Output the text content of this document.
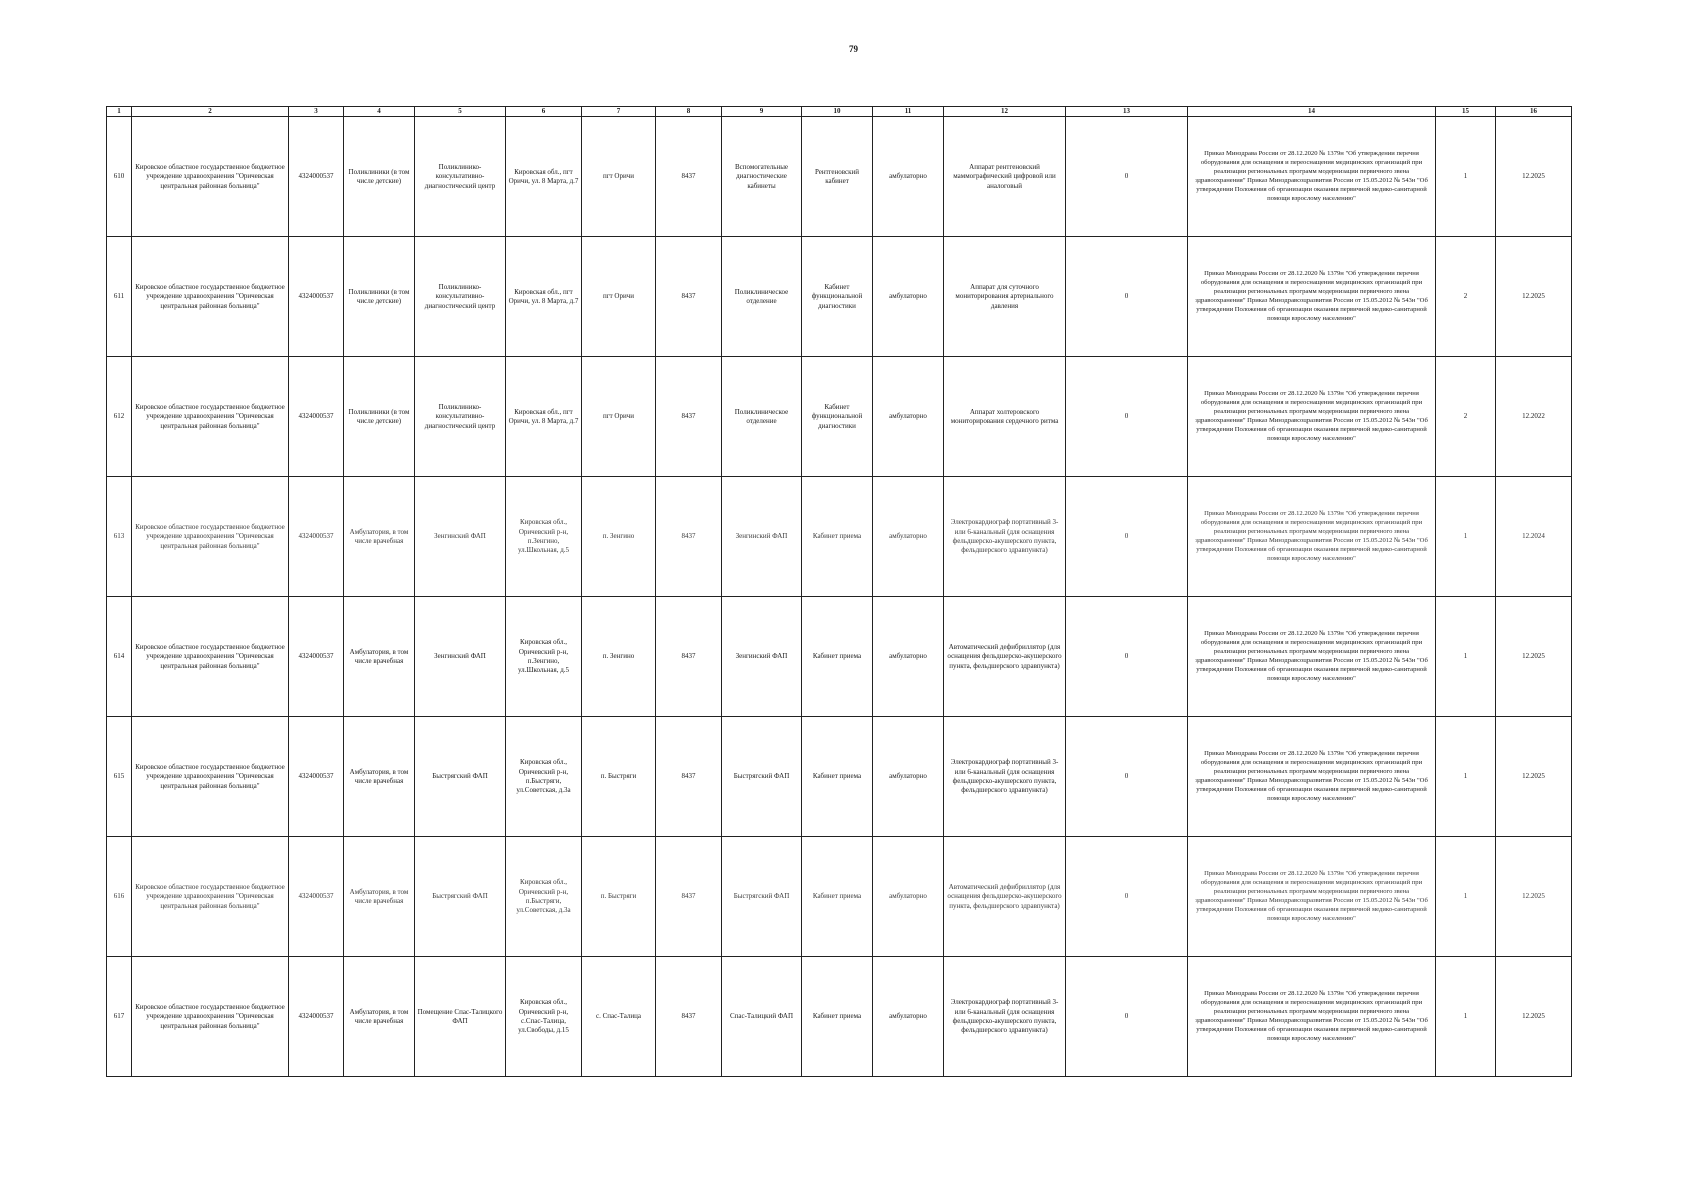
79
1	2	3	4	5	6	7	8	9	10	11	12	13	14	15	16
610	Кировское областное государственное бюджетное учреждение здравоохранения "Оричевская центральная районная больница"	4324000537	Поликлиники (в том числе детские)	Поликлинико-консультативно-диагностический центр	Кировская обл., пгт Оричи, ул. 8 Марта, д.7	пгт Оричи	8437	Вспомогательные диагностические кабинеты	Рентгеновский кабинет	амбулаторно	Аппарат рентгеновский маммографический цифровой или аналоговый	0	Приказ Минздрава России от 28.12.2020 № 1379н "Об утверждении перечня оборудования для оснащения и переоснащения медицинских организаций при реализации региональных программ модернизации первичного звена здравоохранения" Приказ Минздравсоцразвития России от 15.05.2012 № 543н "Об утверждении Положения об организации оказания первичной медико-санитарной помощи взрослому населению"	1	12.2025
611	Кировское областное государственное бюджетное учреждение здравоохранения "Оричевская центральная районная больница"	4324000537	Поликлиники (в том числе детские)	Поликлинико-консультативно-диагностический центр	Кировская обл., пгт Оричи, ул. 8 Марта, д.7	пгт Оричи	8437	Поликлиническое отделение	Кабинет функциональной диагностики	амбулаторно	Аппарат для суточного мониторирования артериального давления	0	Приказ Минздрава России от 28.12.2020 № 1379н "Об утверждении перечня оборудования для оснащения и переоснащения медицинских организаций при реализации региональных программ модернизации первичного звена здравоохранения" Приказ Минздравсоцразвития России от 15.05.2012 № 543н "Об утверждении Положения об организации оказания первичной медико-санитарной помощи взрослому населению"	2	12.2025
612	Кировское областное государственное бюджетное учреждение здравоохранения "Оричевская центральная районная больница"	4324000537	Поликлиники (в том числе детские)	Поликлинико-консультативно-диагностический центр	Кировская обл., пгт Оричи, ул. 8 Марта, д.7	пгт Оричи	8437	Поликлиническое отделение	Кабинет функциональной диагностики	амбулаторно	Аппарат холтеровского мониторирования сердечного ритма	0	Приказ Минздрава России от 28.12.2020 № 1379н "Об утверждении перечня оборудования для оснащения и переоснащения медицинских организаций при реализации региональных программ модернизации первичного звена здравоохранения" Приказ Минздравсоцразвития России от 15.05.2012 № 543н "Об утверждении Положения об организации оказания первичной медико-санитарной помощи взрослому населению"	2	12.2022
613	Кировское областное государственное бюджетное учреждение здравоохранения "Оричевская центральная районная больница"	4324000537	Амбулатория, в том числе врачебная	Зенгинский ФАП	Кировская обл., Оричевский р-н, п.Зенгино, ул.Школьная, д.5	п. Зенгино	8437	Зенгинский ФАП	Кабинет приема	амбулаторно	Электрокардиограф портативный 3- или 6-канальный (для оснащения фельдшерско-акушерского пункта, фельдшерского здравпункта)	0	Приказ Минздрава России от 28.12.2020 № 1379н "Об утверждении перечня оборудования для оснащения и переоснащения медицинских организаций при реализации региональных программ модернизации первичного звена здравоохранения" Приказ Минздравсоцразвития России от 15.05.2012 № 543н "Об утверждении Положения об организации оказания первичной медико-санитарной помощи взрослому населению"	1	12.2024
614	Кировское областное государственное бюджетное учреждение здравоохранения "Оричевская центральная районная больница"	4324000537	Амбулатория, в том числе врачебная	Зенгинский ФАП	Кировская обл., Оричевский р-н, п.Зенгино, ул.Школьная, д.5	п. Зенгино	8437	Зенгинский ФАП	Кабинет приема	амбулаторно	Автоматический дефибриллятор (для оснащения фельдшерско-акушерского пункта, фельдшерского здравпункта)	0	Приказ Минздрава России от 28.12.2020 № 1379н "Об утверждении перечня оборудования для оснащения и переоснащения медицинских организаций при реализации региональных программ модернизации первичного звена здравоохранения" Приказ Минздравсоцразвития России от 15.05.2012 № 543н "Об утверждении Положения об организации оказания первичной медико-санитарной помощи взрослому населению"	1	12.2025
615	Кировское областное государственное бюджетное учреждение здравоохранения "Оричевская центральная районная больница"	4324000537	Амбулатория, в том числе врачебная	Быстрягский ФАП	Кировская обл., Оричевский р-н, п.Быстряги, ул.Советская, д.3а	п. Быстряги	8437	Быстрягский ФАП	Кабинет приема	амбулаторно	Электрокардиограф портативный 3- или 6-канальный (для оснащения фельдшерско-акушерского пункта, фельдшерского здравпункта)	0	Приказ Минздрава России от 28.12.2020 № 1379н "Об утверждении перечня оборудования для оснащения и переоснащения медицинских организаций при реализации региональных программ модернизации первичного звена здравоохранения" Приказ Минздравсоцразвития России от 15.05.2012 № 543н "Об утверждении Положения об организации оказания первичной медико-санитарной помощи взрослому населению"	1	12.2025
616	Кировское областное государственное бюджетное учреждение здравоохранения "Оричевская центральная районная больница"	4324000537	Амбулатория, в том числе врачебная	Быстрягский ФАП	Кировская обл., Оричевский р-н, п.Быстряги, ул.Советская, д.3а	п. Быстряги	8437	Быстрягский ФАП	Кабинет приема	амбулаторно	Автоматический дефибриллятор (для оснащения фельдшерско-акушерского пункта, фельдшерского здравпункта)	0	Приказ Минздрава России от 28.12.2020 № 1379н "Об утверждении перечня оборудования для оснащения и переоснащения медицинских организаций при реализации региональных программ модернизации первичного звена здравоохранения" Приказ Минздравсоцразвития России от 15.05.2012 № 543н "Об утверждении Положения об организации оказания первичной медико-санитарной помощи взрослому населению"	1	12.2025
617	Кировское областное государственное бюджетное учреждение здравоохранения "Оричевская центральная районная больница"	4324000537	Амбулатория, в том числе врачебная	Помещение Спас-Талицкого ФАП	Кировская обл., Оричевский р-н, с.Спас-Талица, ул.Свободы, д.15	с. Спас-Талица	8437	Спас-Талицкий ФАП	Кабинет приема	амбулаторно	Электрокардиограф портативный 3- или 6-канальный (для оснащения фельдшерско-акушерского пункта, фельдшерского здравпункта)	0	Приказ Минздрава России от 28.12.2020 № 1379н "Об утверждении перечня оборудования для оснащения и переоснащения медицинских организаций при реализации региональных программ модернизации первичного звена здравоохранения" Приказ Минздравсоцразвития России от 15.05.2012 № 543н "Об утверждении Положения об организации оказания первичной медико-санитарной помощи взрослому населению"	1	12.2025
